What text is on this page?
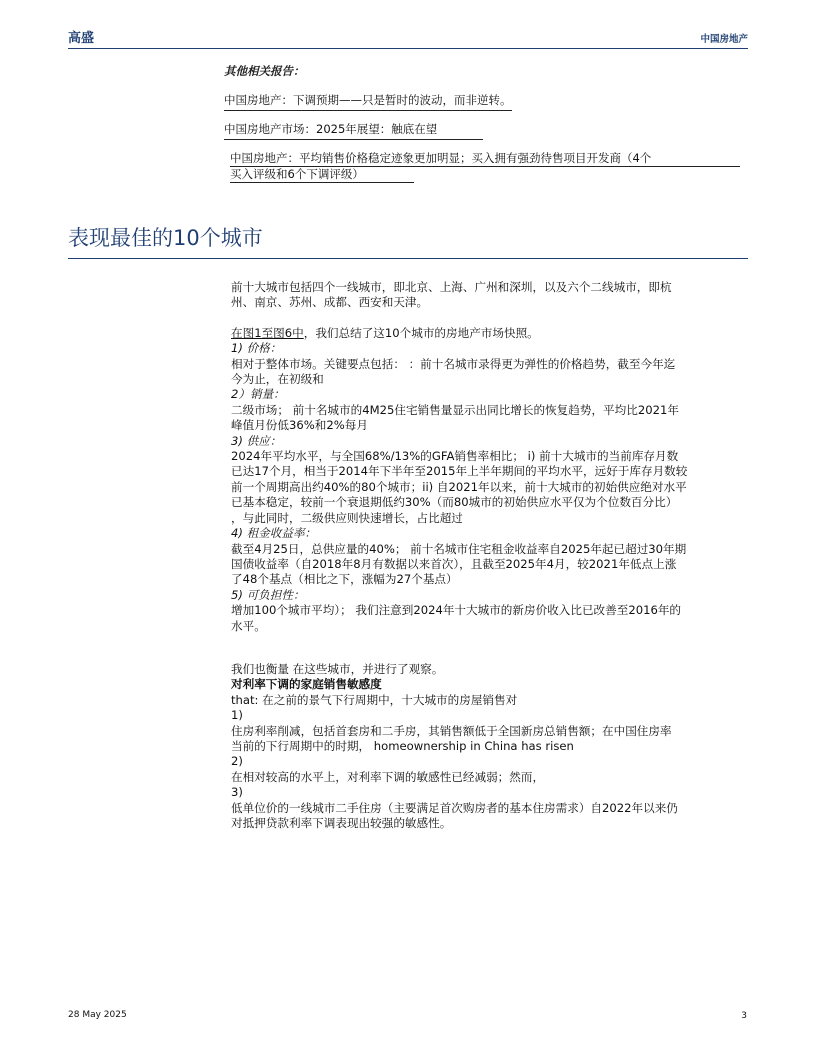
高盛	中国房地产
其他相关报告：
中国房地产：下调预期——只是暂时的波动，而非逆转。
中国房地产市场：2025年展望：触底在望
中国房地产：平均销售价格稳定迹象更加明显；买入拥有强劲待售项目开发商（4个
买入评级和6个下调评级）
表现最佳的10个城市

前十大城市包括四个一线城市，即北京、上海、广州和深圳，以及六个二线城市，即杭

州、南京、苏州、成都、西安和天津。

在图1至图6中，我们总结了这10个城市的房地产市场快照。

1) 价格：

相对于整体市场。关键要点包括： ：前十名城市录得更为弹性的价格趋势，截至今年迄

今为止，在初级和

2）销量：

二级市场； 前十名城市的4M25住宅销售量显示出同比增长的恢复趋势，平均比2021年

峰值月份低36%和2%每月

3) 供应：

2024年平均水平，与全国68%/13%的GFA销售率相比； i) 前十大城市的当前库存月数

已达17个月，相当于2014年下半年至2015年上半年期间的平均水平，远好于库存月数较

前一个周期高出约40%的80个城市；ii) 自2021年以来，前十大城市的初始供应绝对水平

已基本稳定，较前一个衰退期低约30%（而80城市的初始供应水平仅为个位数百分比）

，与此同时，二级供应则快速增长，占比超过

4) 租金收益率：

截至4月25日，总供应量的40%； 前十名城市住宅租金收益率自2025年起已超过30年期

国债收益率（自2018年8月有数据以来首次），且截至2025年4月，较2021年低点上涨

了48个基点（相比之下，涨幅为27个基点）

5) 可负担性：

增加100个城市平均）； 我们注意到2024年十大城市的新房价收入比已改善至2016年的

水平。

我们也衡量 在这些城市，并进行了观察。

对利率下调的家庭销售敏感度

that: 在之前的景气下行周期中，十大城市的房屋销售对

1)

住房利率削减，包括首套房和二手房，其销售额低于全国新房总销售额；在中国住房率

当前的下行周期中的时期， homeownership in China has risen

2)

在相对较高的水平上，对利率下调的敏感性已经减弱；然而，

3)

低单位价的一线城市二手住房（主要满足首次购房者的基本住房需求）自2022年以来仍

对抵押贷款利率下调表现出较强的敏感性。

28 May 2025	3
